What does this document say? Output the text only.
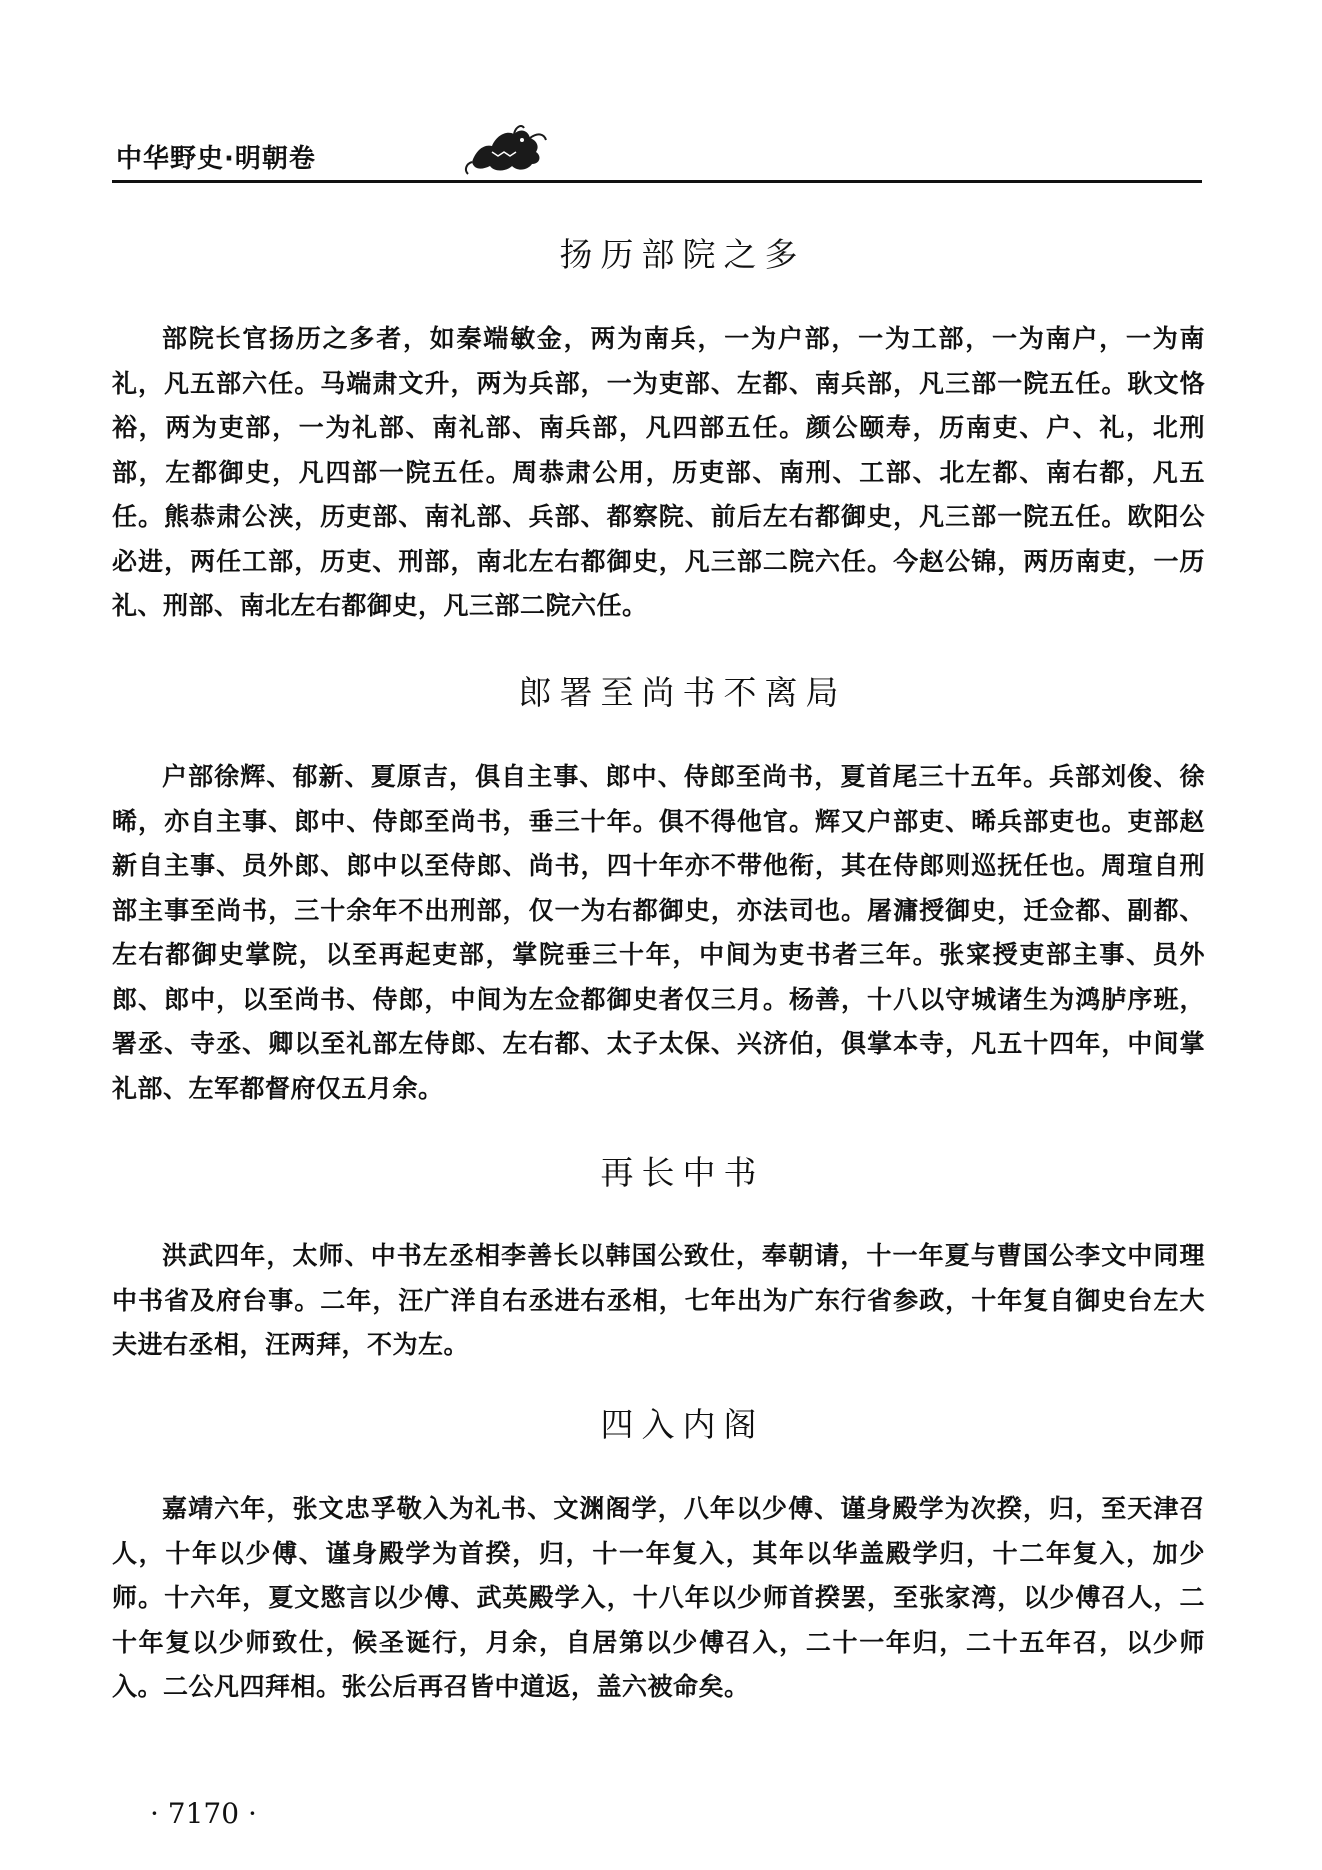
中华野史·明朝卷
扬历部院之多

部院长官扬历之多者，如秦端敏金，两为南兵，一为户部，一为工部，一为南户，一为南礼，凡五部六任。马端肃文升，两为兵部，一为吏部、左都、南兵部，凡三部一院五任。耿文恪裕，两为吏部，一为礼部、南礼部、南兵部，凡四部五任。颜公颐寿，历南吏、户、礼，北刑部，左都御史，凡四部一院五任。周恭肃公用，历吏部、南刑、工部、北左都、南右都，凡五任。熊恭肃公浃，历吏部、南礼部、兵部、都察院、前后左右都御史，凡三部一院五任。欧阳公必进，两任工部，历吏、刑部，南北左右都御史，凡三部二院六任。今赵公锦，两历南吏，一历礼、刑部、南北左右都御史，凡三部二院六任。

郎署至尚书不离局

户部徐辉、郁新、夏原吉，俱自主事、郎中、侍郎至尚书，夏首尾三十五年。兵部刘俊、徐晞，亦自主事、郎中、侍郎至尚书，垂三十年。俱不得他官。辉又户部吏、晞兵部吏也。吏部赵新自主事、员外郎、郎中以至侍郎、尚书，四十年亦不带他衔，其在侍郎则巡抚任也。周瑄自刑部主事至尚书，三十余年不出刑部，仅一为右都御史，亦法司也。屠滽授御史，迁佥都、副都、左右都御史掌院，以至再起吏部，掌院垂三十年，中间为吏书者三年。张寀授吏部主事、员外郎、郎中，以至尚书、侍郎，中间为左佥都御史者仅三月。杨善，十八以守城诸生为鸿胪序班，署丞、寺丞、卿以至礼部左侍郎、左右都、太子太保、兴济伯，俱掌本寺，凡五十四年，中间掌礼部、左军都督府仅五月余。

再长中书

洪武四年，太师、中书左丞相李善长以韩国公致仕，奉朝请，十一年夏与曹国公李文中同理中书省及府台事。二年，汪广洋自右丞进右丞相，七年出为广东行省参政，十年复自御史台左大夫进右丞相，汪两拜，不为左。

四入内阁

嘉靖六年，张文忠孚敬入为礼书、文渊阁学，八年以少傅、谨身殿学为次揆，归，至天津召人，十年以少傅、谨身殿学为首揆，归，十一年复入，其年以华盖殿学归，十二年复入，加少师。十六年，夏文愍言以少傅、武英殿学入，十八年以少师首揆罢，至张家湾，以少傅召人，二十年复以少师致仕，候圣诞行，月余，自居第以少傅召入，二十一年归，二十五年召，以少师入。二公凡四拜相。张公后再召皆中道返，盖六被命矣。

· 7170 ·
